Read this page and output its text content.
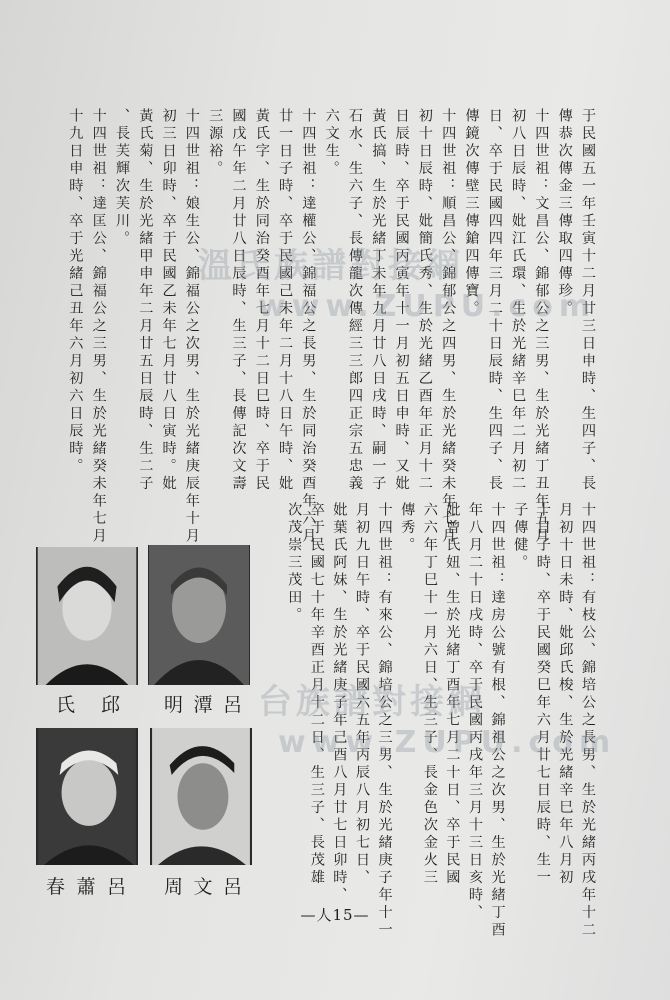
于民國五一年壬寅十二月廿三日申時、生四子、長
傳恭次傳金三傳取四傳珍。
十四世祖：文昌公、錦郁公之三男、生於光緒丁丑年五月
初八日辰時、妣江氏環、生於光緒辛巳年二月初二
日、卒于民國四四年三月二十日辰時、生四子、長
傳鏡次傳壁三傳鎗四傳寶。
十四世祖：順昌公、錦郁公之四男、生於光緒癸未年七月
初十日辰時、妣簡氏秀、生於光緒乙酉年正月十二
日辰時、卒于民國丙寅年十一月初五日申時、又妣
黃氏搞、生於光緒丁未年九月廿八日戌時、嗣一子
石水、生六子、長傳龍次傳經三三郎四正宗五忠義
六文生。
十四世祖：達權公、錦福公之長男、生於同治癸酉年六月
廿一日子時、卒于民國己未年二月十八日午時、妣
黃氏字、生於同治癸酉年七月十二日巳時、卒于民
國戊午年二月廿八日辰時、生三子、長傳記次文壽
三源裕。
十四世祖：娘生公、錦福公之次男、生於光緒庚辰年十月
初三日卯時、卒于民國乙未年七月廿八日寅時。妣
黃氏菊、生於光緒甲申年二月廿五日辰時、生二子
、長芙輝次芙川。
十四世祖：達匡公、錦福公之三男、生於光緒癸未年七月
十九日申時、卒于光緒己丑年六月初六日辰時。
十四世祖：有枝公、錦培公之長男、生於光緒丙戌年十二
月初十日未時、妣邱氏梭、生於光緒辛巳年八月初
十日子時、卒于民國癸巳年六月廿七日辰時、生一
子傳健。
十四世祖：達房公號有根、錦祖公之次男、生於光緒丁酉
年八月二十日戌時、卒于民國丙戌年三月十三日亥時、
妣曾氏妞、生於光緒丁酉年七月二十日、卒于民國
六六年丁巳十一月六日、生三子、長金色次金火三
傳秀。
十四世祖：有來公、錦培公之三男、生於光緒庚子年十一
月初九日午時、卒于民國六五年丙辰八月初七日、
妣葉氏阿妹、生於光緒庚子年己酉八月廿七日卯時、
卒于民國七十年辛酉正月十二日、生三子、長茂雄
次茂崇三茂田。
溫氏族譜對接網
www.ZUPU.com
台族譜對接網
www.ZUPU.com
呂
潭
明
邱
氏
呂
文
周
呂
蕭
春
—人15—
